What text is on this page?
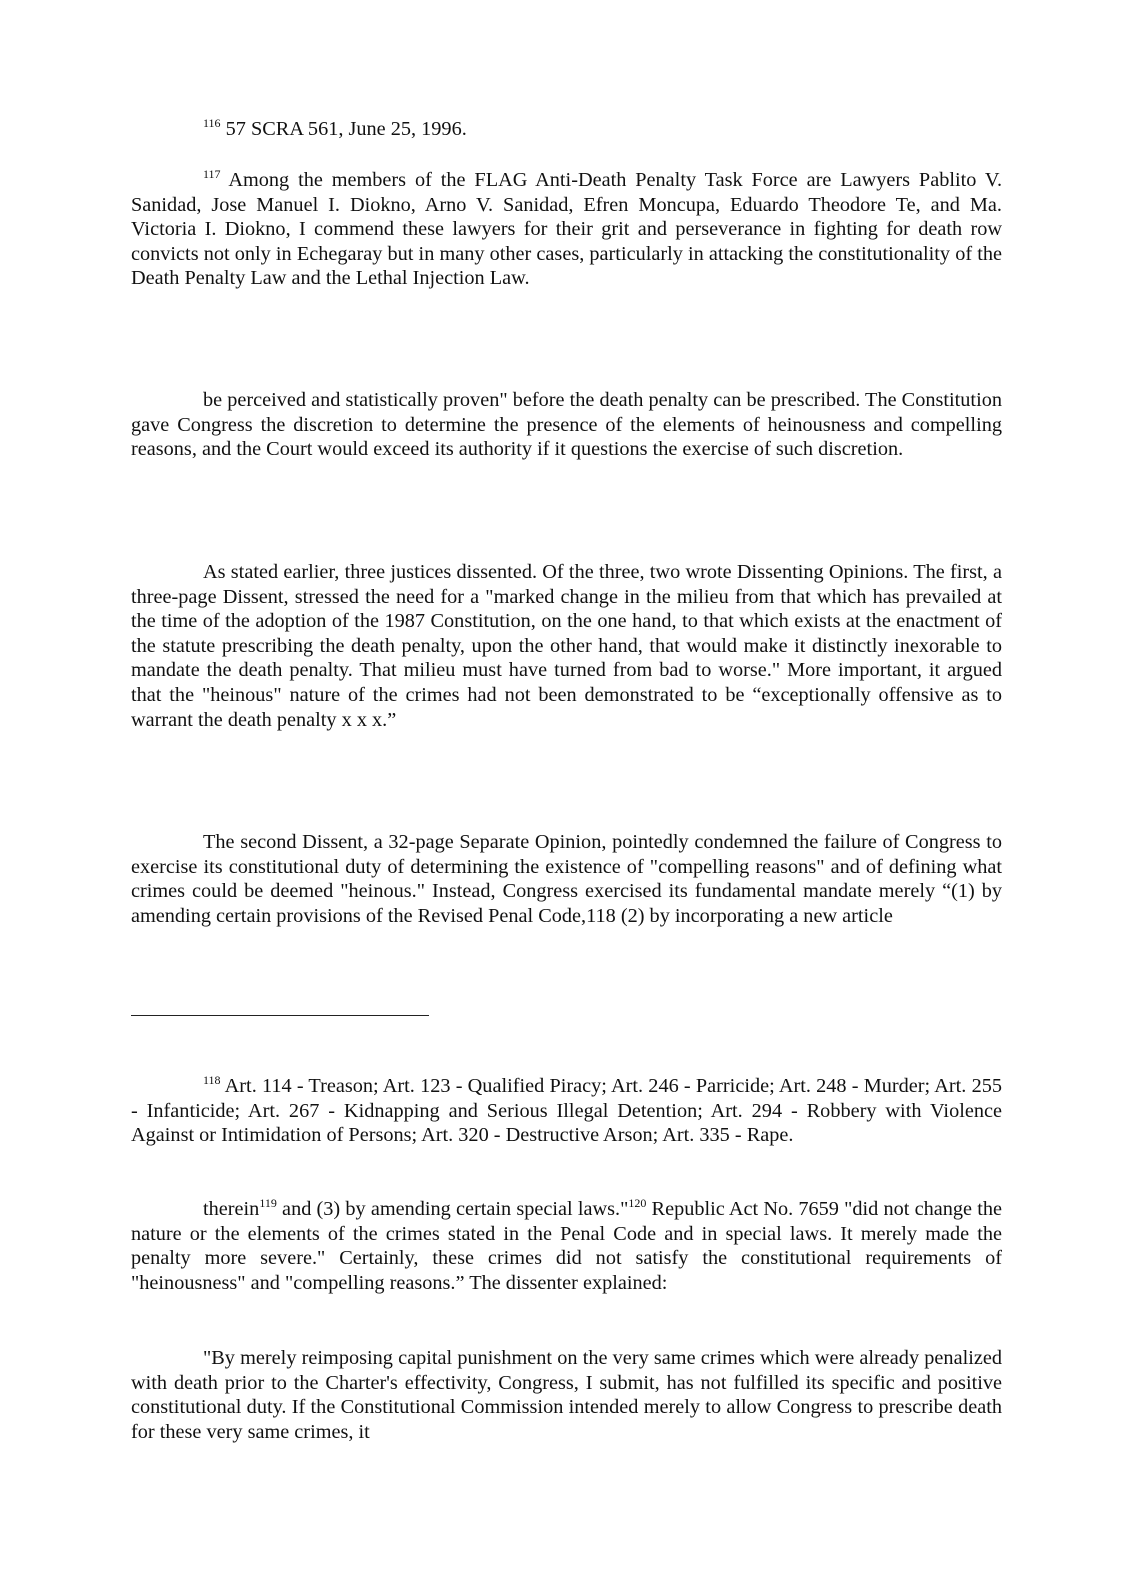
$^{116}$ 57 SCRA 561, June 25, 1996.

$^{117}$ Among the members of the FLAG Anti-Death Penalty Task Force are Lawyers Pablito V. Sanidad, Jose Manuel I. Diokno, Arno V. Sanidad, Efren Moncupa, Eduardo Theodore Te, and Ma. Victoria I. Diokno, I commend these lawyers for their grit and perseverance in fighting for death row convicts not only in Echegaray but in many other cases, particularly in attacking the constitutionality of the Death Penalty Law and the Lethal Injection Law.

be perceived and statistically proven" before the death penalty can be prescribed. The Constitution gave Congress the discretion to determine the presence of the elements of heinousness and compelling reasons, and the Court would exceed its authority if it questions the exercise of such discretion.

As stated earlier, three justices dissented. Of the three, two wrote Dissenting Opinions. The first, a three-page Dissent, stressed the need for a "marked change in the milieu from that which has prevailed at the time of the adoption of the 1987 Constitution, on the one hand, to that which exists at the enactment of the statute prescribing the death penalty, upon the other hand, that would make it distinctly inexorable to mandate the death penalty. That milieu must have turned from bad to worse." More important, it argued that the "heinous" nature of the crimes had not been demonstrated to be “exceptionally offensive as to warrant the death penalty x x x.”

The second Dissent, a 32-page Separate Opinion, pointedly condemned the failure of Congress to exercise its constitutional duty of determining the existence of "compelling reasons" and of defining what crimes could be deemed "heinous." Instead, Congress exercised its fundamental mandate merely “(1) by amending certain provisions of the Revised Penal Code,118 (2) by incorporating a new article

$^{118}$ Art. 114 - Treason; Art. 123 - Qualified Piracy; Art. 246 - Parricide; Art. 248 - Murder; Art. 255 - Infanticide; Art. 267 - Kidnapping and Serious Illegal Detention; Art. 294 - Robbery with Violence Against or Intimidation of Persons; Art. 320 - Destructive Arson; Art. 335 - Rape.

therein$^{119}$ and (3) by amending certain special laws."$^{120}$ Republic Act No. 7659 "did not change the nature or the elements of the crimes stated in the Penal Code and in special laws. It merely made the penalty more severe." Certainly, these crimes did not satisfy the constitutional requirements of "heinousness" and "compelling reasons.” The dissenter explained:

"By merely reimposing capital punishment on the very same crimes which were already penalized with death prior to the Charter's effectivity, Congress, I submit, has not fulfilled its specific and positive constitutional duty. If the Constitutional Commission intended merely to allow Congress to prescribe death for these very same crimes, it
